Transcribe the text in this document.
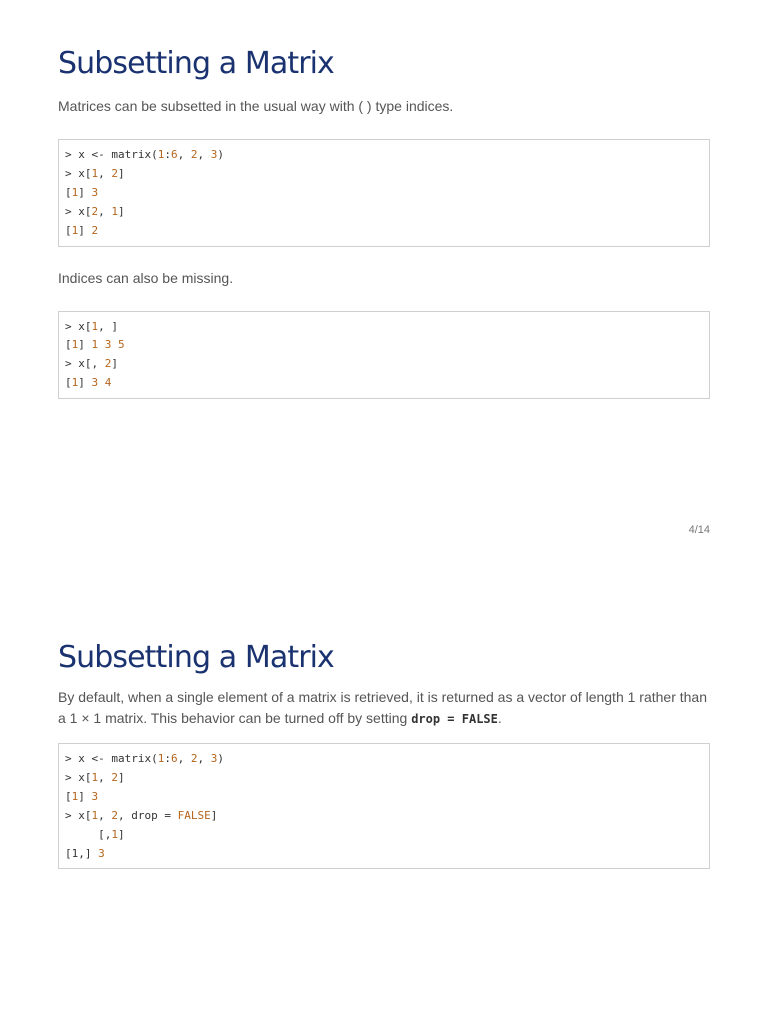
Subsetting a Matrix

Matrices can be subsetted in the usual way with ( ) type indices.

> x <- matrix(1:6, 2, 3)
> x[1, 2]
[1] 3
> x[2, 1]
[1] 2

Indices can also be missing.

> x[1, ]
[1] 1 3 5
> x[, 2]
[1] 3 4
4/14
Subsetting a Matrix

By default, when a single element of a matrix is retrieved, it is returned as a vector of length 1 rather than a 1 × 1 matrix. This behavior can be turned off by setting drop = FALSE.

> x <- matrix(1:6, 2, 3)
> x[1, 2]
[1] 3
> x[1, 2, drop = FALSE]
[,1]
[1,] 3
